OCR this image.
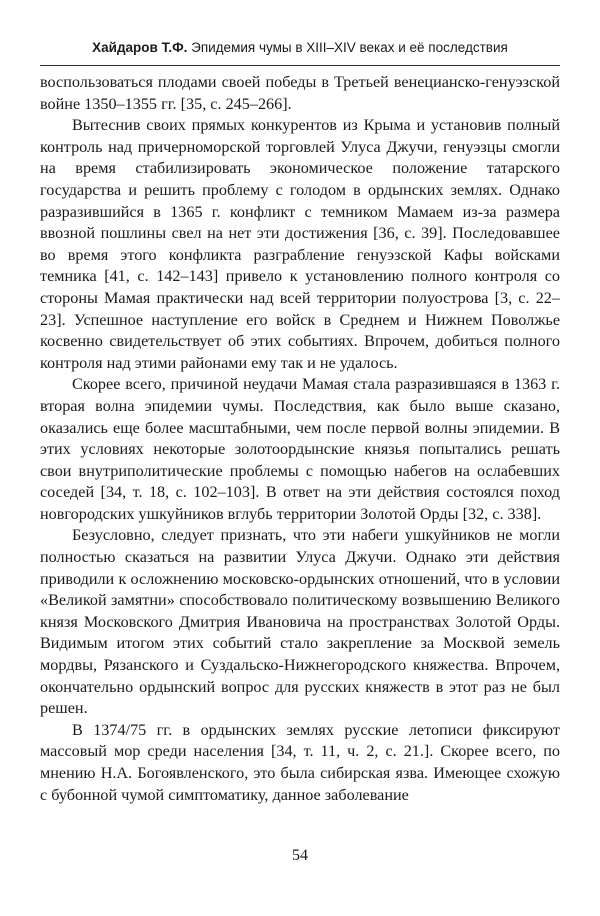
Хайдаров Т.Ф. Эпидемия чумы в XIII–XIV веках и её последствия

воспользоваться плодами своей победы в Третьей венецианско-генуэзской войне 1350–1355 гг. [35, с. 245–266].

Вытеснив своих прямых конкурентов из Крыма и установив полный контроль над причерноморской торговлей Улуса Джучи, генуэзцы смогли на время стабилизировать экономическое положение татарского государства и решить проблему с голодом в ордынских землях. Однако разразившийся в 1365 г. конфликт с темником Мамаем из-за размера ввозной пошлины свел на нет эти достижения [36, с. 39]. Последовавшее во время этого конфликта разграбление генуэзской Кафы войсками темника [41, с. 142–143] привело к установлению полного контроля со стороны Мамая практически над всей территории полуострова [3, с. 22–23]. Успешное наступление его войск в Среднем и Нижнем Поволжье косвенно свидетельствует об этих событиях. Впрочем, добиться полного контроля над этими районами ему так и не удалось.

Скорее всего, причиной неудачи Мамая стала разразившаяся в 1363 г. вторая волна эпидемии чумы. Последствия, как было выше сказано, оказались еще более масштабными, чем после первой волны эпидемии. В этих условиях некоторые золотоордынские князья попытались решать свои внутриполитические проблемы с помощью набегов на ослабевших соседей [34, т. 18, с. 102–103]. В ответ на эти действия состоялся поход новгородских ушкуйников вглубь территории Золотой Орды [32, с. 338].

Безусловно, следует признать, что эти набеги ушкуйников не могли полностью сказаться на развитии Улуса Джучи. Однако эти действия приводили к осложнению московско-ордынских отношений, что в условии «Великой замятни» способствовало политическому возвышению Великого князя Московского Дмитрия Ивановича на пространствах Золотой Орды. Видимым итогом этих событий стало закрепление за Москвой земель мордвы, Рязанского и Суздальско-Нижнегородского княжества. Впрочем, окончательно ордынский вопрос для русских княжеств в этот раз не был решен.

В 1374/75 гг. в ордынских землях русские летописи фиксируют массовый мор среди населения [34, т. 11, ч. 2, с. 21.]. Скорее всего, по мнению Н.А. Богоявленского, это была сибирская язва. Имеющее схожую с бубонной чумой симптоматику, данное заболевание

54
